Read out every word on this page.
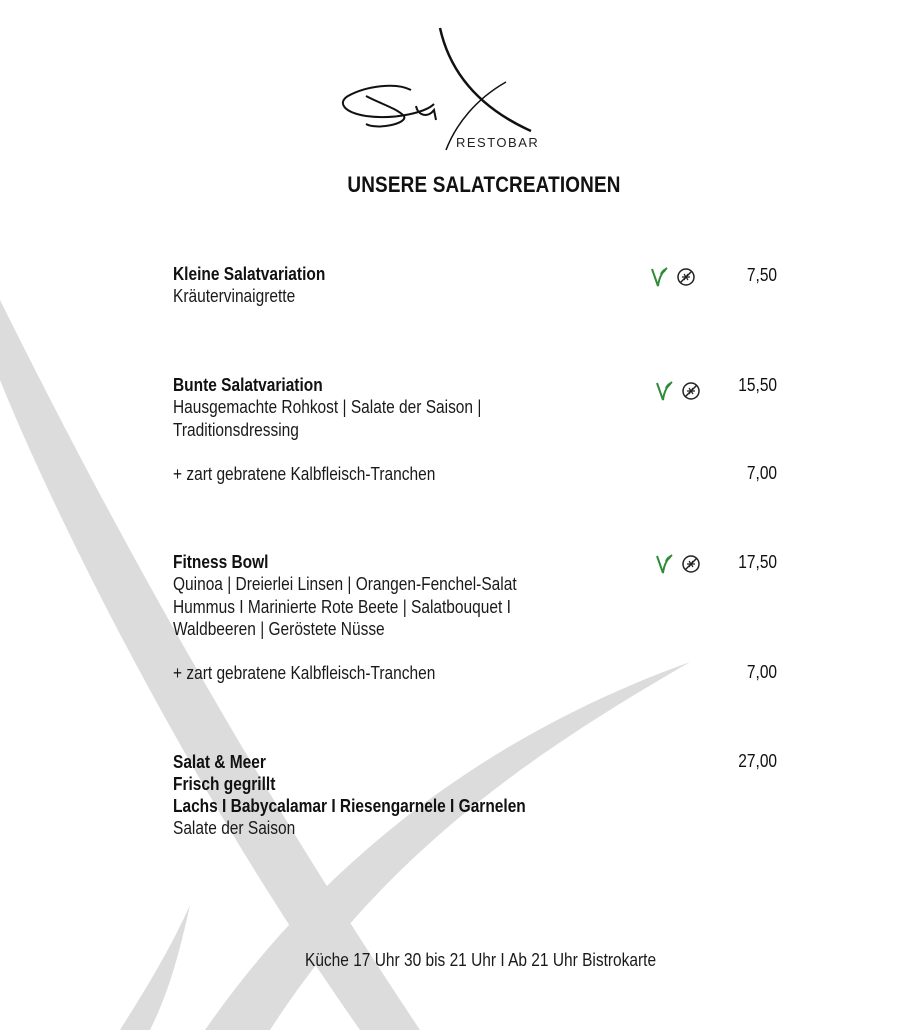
RESTOBAR
UNSERE SALATCREATIONEN
Kleine Salatvariation
Kräutervinaigrette
7,50
Bunte Salatvariation
Hausgemachte Rohkost | Salate der Saison |
Traditionsdressing
15,50
+ zart gebratene Kalbfleisch-Tranchen	7,00
Fitness Bowl
Quinoa | Dreierlei Linsen | Orangen-Fenchel-Salat
Hummus I Marinierte Rote Beete | Salatbouquet I
Waldbeeren | Geröstete Nüsse
17,50
+ zart gebratene Kalbfleisch-Tranchen	7,00
Salat & Meer
Frisch gegrillt
Lachs I Babycalamar I Riesengarnele I Garnelen
Salate der Saison
27,00
Küche 17 Uhr 30 bis 21 Uhr I Ab 21 Uhr Bistrokarte
